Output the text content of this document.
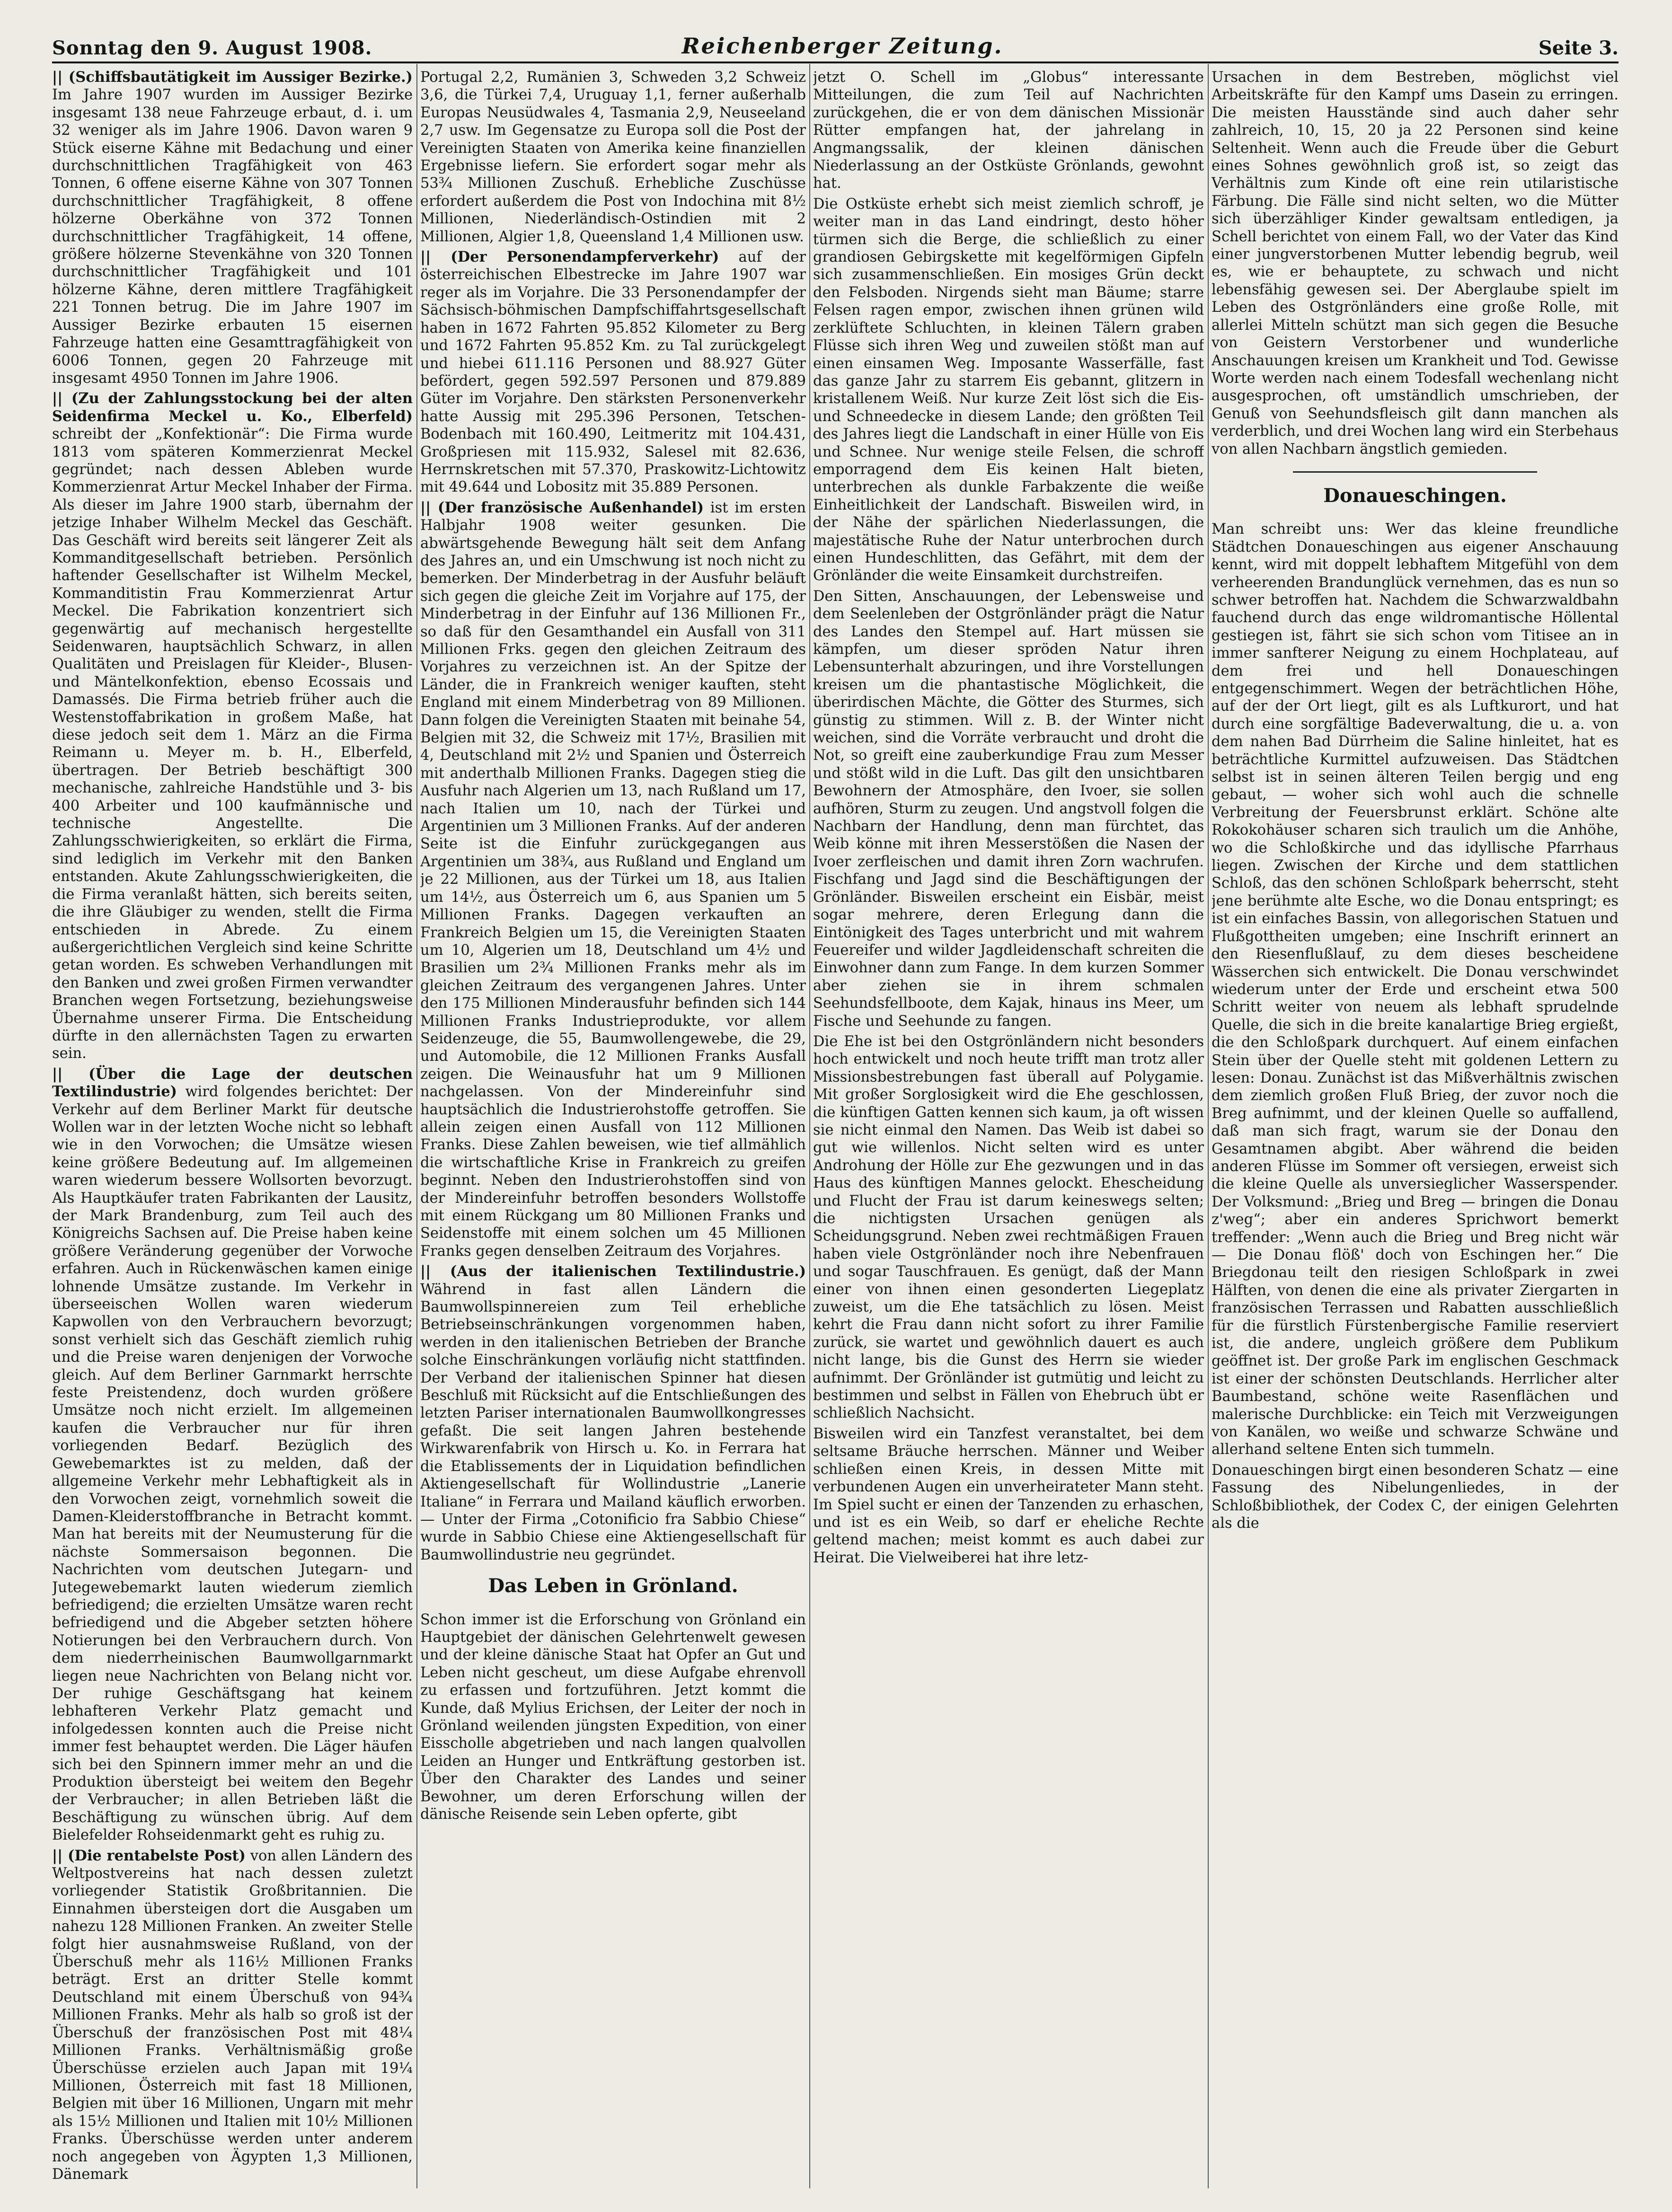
Sonntag den 9. August 1908.	Reichenberger Zeitung.	Seite 3.

|| (Schiffsbautätigkeit im Aussiger Bezirke.) Im Jahre 1907 wurden im Aussiger Bezirke insgesamt 138 neue Fahrzeuge erbaut, d. i. um 32 weniger als im Jahre 1906. Davon waren 9 Stück eiserne Kähne mit Bedachung und einer durchschnittlichen Tragfähigkeit von 463 Tonnen, 6 offene eiserne Kähne von 307 Tonnen durchschnittlicher Tragfähigkeit, 8 offene hölzerne Oberkähne von 372 Tonnen durchschnittlicher Tragfähigkeit, 14 offene, größere hölzerne Stevenkähne von 320 Tonnen durchschnittlicher Tragfähigkeit und 101 hölzerne Kähne, deren mittlere Tragfähigkeit 221 Tonnen betrug. Die im Jahre 1907 im Aussiger Bezirke erbauten 15 eisernen Fahrzeuge hatten eine Gesamttragfähigkeit von 6006 Tonnen, gegen 20 Fahrzeuge mit insgesamt 4950 Tonnen im Jahre 1906.

|| (Zu der Zahlungsstockung bei der alten Seidenfirma Meckel u. Ko., Elberfeld) schreibt der „Konfektionär“: Die Firma wurde 1813 vom späteren Kommerzienrat Meckel gegründet; nach dessen Ableben wurde Kommerzienrat Artur Meckel Inhaber der Firma. Als dieser im Jahre 1900 starb, übernahm der jetzige Inhaber Wilhelm Meckel das Geschäft. Das Geschäft wird bereits seit längerer Zeit als Kommanditgesellschaft betrieben. Persönlich haftender Gesellschafter ist Wilhelm Meckel, Kommanditistin Frau Kommerzienrat Artur Meckel. Die Fabrikation konzentriert sich gegenwärtig auf mechanisch hergestellte Seidenwaren, hauptsächlich Schwarz, in allen Qualitäten und Preislagen für Kleider-, Blusen- und Mäntelkonfektion, ebenso Ecossais und Damassés. Die Firma betrieb früher auch die Westenstoffabrikation in großem Maße, hat diese jedoch seit dem 1. März an die Firma Reimann u. Meyer m. b. H., Elberfeld, übertragen. Der Betrieb beschäftigt 300 mechanische, zahlreiche Handstühle und 3- bis 400 Arbeiter und 100 kaufmännische und technische Angestellte. Die Zahlungsschwierigkeiten, so erklärt die Firma, sind lediglich im Verkehr mit den Banken entstanden. Akute Zahlungsschwierigkeiten, die die Firma veranlaßt hätten, sich bereits seiten, die ihre Gläubiger zu wenden, stellt die Firma entschieden in Abrede. Zu einem außergerichtlichen Vergleich sind keine Schritte getan worden. Es schweben Verhandlungen mit den Banken und zwei großen Firmen verwandter Branchen wegen Fortsetzung, beziehungsweise Übernahme unserer Firma. Die Entscheidung dürfte in den allernächsten Tagen zu erwarten sein.

|| (Über die Lage der deutschen Textilindustrie) wird folgendes berichtet: Der Verkehr auf dem Berliner Markt für deutsche Wollen war in der letzten Woche nicht so lebhaft wie in den Vorwochen; die Umsätze wiesen keine größere Bedeutung auf. Im allgemeinen waren wiederum bessere Wollsorten bevorzugt. Als Hauptkäufer traten Fabrikanten der Lausitz, der Mark Brandenburg, zum Teil auch des Königreichs Sachsen auf. Die Preise haben keine größere Veränderung gegenüber der Vorwoche erfahren. Auch in Rückenwäschen kamen einige lohnende Umsätze zustande. Im Verkehr in überseeischen Wollen waren wiederum Kapwollen von den Verbrauchern bevorzugt; sonst verhielt sich das Geschäft ziemlich ruhig und die Preise waren denjenigen der Vorwoche gleich. Auf dem Berliner Garnmarkt herrschte feste Preistendenz, doch wurden größere Umsätze noch nicht erzielt. Im allgemeinen kaufen die Verbraucher nur für ihren vorliegenden Bedarf. Bezüglich des Gewebemarktes ist zu melden, daß der allgemeine Verkehr mehr Lebhaftigkeit als in den Vorwochen zeigt, vornehmlich soweit die Damen-Kleiderstoffbranche in Betracht kommt. Man hat bereits mit der Neumusterung für die nächste Sommersaison begonnen. Die Nachrichten vom deutschen Jutegarn- und Jutegewebemarkt lauten wiederum ziemlich befriedigend; die erzielten Umsätze waren recht befriedigend und die Abgeber setzten höhere Notierungen bei den Verbrauchern durch. Von dem niederrheinischen Baumwollgarnmarkt liegen neue Nachrichten von Belang nicht vor. Der ruhige Geschäftsgang hat keinem lebhafteren Verkehr Platz gemacht und infolgedessen konnten auch die Preise nicht immer fest behauptet werden. Die Läger häufen sich bei den Spinnern immer mehr an und die Produktion übersteigt bei weitem den Begehr der Verbraucher; in allen Betrieben läßt die Beschäftigung zu wünschen übrig. Auf dem Bielefelder Rohseidenmarkt geht es ruhig zu.

|| (Die rentabelste Post) von allen Ländern des Weltpostvereins hat nach dessen zuletzt vorliegender Statistik Großbritannien. Die Einnahmen übersteigen dort die Ausgaben um nahezu 128 Millionen Franken. An zweiter Stelle folgt hier ausnahmsweise Rußland, von der Überschuß mehr als 116½ Millionen Franks beträgt. Erst an dritter Stelle kommt Deutschland mit einem Überschuß von 94¾ Millionen Franks. Mehr als halb so groß ist der Überschuß der französischen Post mit 48¼ Millionen Franks. Verhältnismäßig große Überschüsse erzielen auch Japan mit 19¼ Millionen, Österreich mit fast 18 Millionen, Belgien mit über 16 Millionen, Ungarn mit mehr als 15½ Millionen und Italien mit 10½ Millionen Franks. Überschüsse werden unter anderem noch angegeben von Ägypten 1,3 Millionen, Dänemark

Portugal 2,2, Rumänien 3, Schweden 3,2 Schweiz 3,6, die Türkei 7,4, Uruguay 1,1, ferner außerhalb Europas Neusüdwales 4, Tasmania 2,9, Neuseeland 2,7 usw. Im Gegensatze zu Europa soll die Post der Vereinigten Staaten von Amerika keine finanziellen Ergebnisse liefern. Sie erfordert sogar mehr als 53¾ Millionen Zuschuß. Erhebliche Zuschüsse erfordert außerdem die Post von Indochina mit 8½ Millionen, Niederländisch-Ostindien mit 2 Millionen, Algier 1,8, Queensland 1,4 Millionen usw.

|| (Der Personendampferverkehr) auf der österreichischen Elbestrecke im Jahre 1907 war reger als im Vorjahre. Die 33 Personendampfer der Sächsisch-böhmischen Dampfschiffahrtsgesellschaft haben in 1672 Fahrten 95.852 Kilometer zu Berg und 1672 Fahrten 95.852 Km. zu Tal zurückgelegt und hiebei 611.116 Personen und 88.927 Güter befördert, gegen 592.597 Personen und 879.889 Güter im Vorjahre. Den stärksten Personenverkehr hatte Aussig mit 295.396 Personen, Tetschen-Bodenbach mit 160.490, Leitmeritz mit 104.431, Großpriesen mit 115.932, Salesel mit 82.636, Herrnskretschen mit 57.370, Praskowitz-Lichtowitz mit 49.644 und Lobositz mit 35.889 Personen.

|| (Der französische Außenhandel) ist im ersten Halbjahr 1908 weiter gesunken. Die abwärtsgehende Bewegung hält seit dem Anfang des Jahres an, und ein Umschwung ist noch nicht zu bemerken. Der Minderbetrag in der Ausfuhr beläuft sich gegen die gleiche Zeit im Vorjahre auf 175, der Minderbetrag in der Einfuhr auf 136 Millionen Fr., so daß für den Gesamthandel ein Ausfall von 311 Millionen Frks. gegen den gleichen Zeitraum des Vorjahres zu verzeichnen ist. An der Spitze der Länder, die in Frankreich weniger kauften, steht England mit einem Minderbetrag von 89 Millionen. Dann folgen die Vereinigten Staaten mit beinahe 54, Belgien mit 32, die Schweiz mit 17½, Brasilien mit 4, Deutschland mit 2½ und Spanien und Österreich mit anderthalb Millionen Franks. Dagegen stieg die Ausfuhr nach Algerien um 13, nach Rußland um 17, nach Italien um 10, nach der Türkei und Argentinien um 3 Millionen Franks. Auf der anderen Seite ist die Einfuhr zurückgegangen aus Argentinien um 38¾, aus Rußland und England um je 22 Millionen, aus der Türkei um 18, aus Italien um 14½, aus Österreich um 6, aus Spanien um 5 Millionen Franks. Dagegen verkauften an Frankreich Belgien um 15, die Vereinigten Staaten um 10, Algerien um 18, Deutschland um 4½ und Brasilien um 2¾ Millionen Franks mehr als im gleichen Zeitraum des vergangenen Jahres. Unter den 175 Millionen Minderausfuhr befinden sich 144 Millionen Franks Industrieprodukte, vor allem Seidenzeuge, die 55, Baumwollengewebe, die 29, und Automobile, die 12 Millionen Franks Ausfall zeigen. Die Weinausfuhr hat um 9 Millionen nachgelassen. Von der Mindereinfuhr sind hauptsächlich die Industrierohstoffe getroffen. Sie allein zeigen einen Ausfall von 112 Millionen Franks. Diese Zahlen beweisen, wie tief allmählich die wirtschaftliche Krise in Frankreich zu greifen beginnt. Neben den Industrierohstoffen sind von der Mindereinfuhr betroffen besonders Wollstoffe mit einem Rückgang um 80 Millionen Franks und Seidenstoffe mit einem solchen um 45 Millionen Franks gegen denselben Zeitraum des Vorjahres.

|| (Aus der italienischen Textilindustrie.) Während in fast allen Ländern die Baumwollspinnereien zum Teil erhebliche Betriebseinschränkungen vorgenommen haben, werden in den italienischen Betrieben der Branche solche Einschränkungen vorläufig nicht stattfinden. Der Verband der italienischen Spinner hat diesen Beschluß mit Rücksicht auf die Entschließungen des letzten Pariser internationalen Baumwollkongresses gefaßt. Die seit langen Jahren bestehende Wirkwarenfabrik von Hirsch u. Ko. in Ferrara hat die Etablissements der in Liquidation befindlichen Aktiengesellschaft für Wollindustrie „Lanerie Italiane“ in Ferrara und Mailand käuflich erworben. — Unter der Firma „Cotonificio fra Sabbio Chiese“ wurde in Sabbio Chiese eine Aktiengesellschaft für Baumwollindustrie neu gegründet.

Das Leben in Grönland.

Schon immer ist die Erforschung von Grönland ein Hauptgebiet der dänischen Gelehrtenwelt gewesen und der kleine dänische Staat hat Opfer an Gut und Leben nicht gescheut, um diese Aufgabe ehrenvoll zu erfassen und fortzuführen. Jetzt kommt die Kunde, daß Mylius Erichsen, der Leiter der noch in Grönland weilenden jüngsten Expedition, von einer Eisscholle abgetrieben und nach langen qualvollen Leiden an Hunger und Entkräftung gestorben ist. Über den Charakter des Landes und seiner Bewohner, um deren Erforschung willen der dänische Reisende sein Leben opferte, gibt

jetzt O. Schell im „Globus“ interessante Mitteilungen, die zum Teil auf Nachrichten zurückgehen, die er von dem dänischen Missionär Rütter empfangen hat, der jahrelang in Angmangssalik, der kleinen dänischen Niederlassung an der Ostküste Grönlands, gewohnt hat.

Die Ostküste erhebt sich meist ziemlich schroff, je weiter man in das Land eindringt, desto höher türmen sich die Berge, die schließlich zu einer grandiosen Gebirgskette mit kegelförmigen Gipfeln sich zusammenschließen. Ein mosiges Grün deckt den Felsboden. Nirgends sieht man Bäume; starre Felsen ragen empor, zwischen ihnen grünen wild zerklüftete Schluchten, in kleinen Tälern graben Flüsse sich ihren Weg und zuweilen stößt man auf einen einsamen Weg. Imposante Wasserfälle, fast das ganze Jahr zu starrem Eis gebannt, glitzern in kristallenem Weiß. Nur kurze Zeit löst sich die Eis- und Schneedecke in diesem Lande; den größten Teil des Jahres liegt die Landschaft in einer Hülle von Eis und Schnee. Nur wenige steile Felsen, die schroff emporragend dem Eis keinen Halt bieten, unterbrechen als dunkle Farbakzente die weiße Einheitlichkeit der Landschaft. Bisweilen wird, in der Nähe der spärlichen Niederlassungen, die majestätische Ruhe der Natur unterbrochen durch einen Hundeschlitten, das Gefährt, mit dem der Grönländer die weite Einsamkeit durchstreifen.

Den Sitten, Anschauungen, der Lebensweise und dem Seelenleben der Ostgrönländer prägt die Natur des Landes den Stempel auf. Hart müssen sie kämpfen, um dieser spröden Natur ihren Lebensunterhalt abzuringen, und ihre Vorstellungen kreisen um die phantastische Möglichkeit, die überirdischen Mächte, die Götter des Sturmes, sich günstig zu stimmen. Will z. B. der Winter nicht weichen, sind die Vorräte verbraucht und droht die Not, so greift eine zauberkundige Frau zum Messer und stößt wild in die Luft. Das gilt den unsichtbaren Bewohnern der Atmosphäre, den Ivoer, sie sollen aufhören, Sturm zu zeugen. Und angstvoll folgen die Nachbarn der Handlung, denn man fürchtet, das Weib könne mit ihren Messerstößen die Nasen der Ivoer zerfleischen und damit ihren Zorn wachrufen. Fischfang und Jagd sind die Beschäftigungen der Grönländer. Bisweilen erscheint ein Eisbär, meist sogar mehrere, deren Erlegung dann die Eintönigkeit des Tages unterbricht und mit wahrem Feuereifer und wilder Jagdleidenschaft schreiten die Einwohner dann zum Fange. In dem kurzen Sommer aber ziehen sie in ihrem schmalen Seehundsfellboote, dem Kajak, hinaus ins Meer, um Fische und Seehunde zu fangen.

Die Ehe ist bei den Ostgrönländern nicht besonders hoch entwickelt und noch heute trifft man trotz aller Missionsbestrebungen fast überall auf Polygamie. Mit großer Sorglosigkeit wird die Ehe geschlossen, die künftigen Gatten kennen sich kaum, ja oft wissen sie nicht einmal den Namen. Das Weib ist dabei so gut wie willenlos. Nicht selten wird es unter Androhung der Hölle zur Ehe gezwungen und in das Haus des künftigen Mannes gelockt. Ehescheidung und Flucht der Frau ist darum keineswegs selten; die nichtigsten Ursachen genügen als Scheidungsgrund. Neben zwei rechtmäßigen Frauen haben viele Ostgrönländer noch ihre Nebenfrauen und sogar Tauschfrauen. Es genügt, daß der Mann einer von ihnen einen gesonderten Liegeplatz zuweist, um die Ehe tatsächlich zu lösen. Meist kehrt die Frau dann nicht sofort zu ihrer Familie zurück, sie wartet und gewöhnlich dauert es auch nicht lange, bis die Gunst des Herrn sie wieder aufnimmt. Der Grönländer ist gutmütig und leicht zu bestimmen und selbst in Fällen von Ehebruch übt er schließlich Nachsicht.

Bisweilen wird ein Tanzfest veranstaltet, bei dem seltsame Bräuche herrschen. Männer und Weiber schließen einen Kreis, in dessen Mitte mit verbundenen Augen ein unverheirateter Mann steht. Im Spiel sucht er einen der Tanzenden zu erhaschen, und ist es ein Weib, so darf er eheliche Rechte geltend machen; meist kommt es auch dabei zur Heirat. Die Vielweiberei hat ihre letz-

Ursachen in dem Bestreben, möglichst viel Arbeitskräfte für den Kampf ums Dasein zu erringen. Die meisten Hausstände sind auch daher sehr zahlreich, 10, 15, 20 ja 22 Personen sind keine Seltenheit. Wenn auch die Freude über die Geburt eines Sohnes gewöhnlich groß ist, so zeigt das Verhältnis zum Kinde oft eine rein utilaristische Färbung. Die Fälle sind nicht selten, wo die Mütter sich überzähliger Kinder gewaltsam entledigen, ja Schell berichtet von einem Fall, wo der Vater das Kind einer jungverstorbenen Mutter lebendig begrub, weil es, wie er behauptete, zu schwach und nicht lebensfähig gewesen sei. Der Aberglaube spielt im Leben des Ostgrönländers eine große Rolle, mit allerlei Mitteln schützt man sich gegen die Besuche von Geistern Verstorbener und wunderliche Anschauungen kreisen um Krankheit und Tod. Gewisse Worte werden nach einem Todesfall wechenlang nicht ausgesprochen, oft umständlich umschrieben, der Genuß von Seehundsfleisch gilt dann manchen als verderblich, und drei Wochen lang wird ein Sterbehaus von allen Nachbarn ängstlich gemieden.

Donaueschingen.

Man schreibt uns: Wer das kleine freundliche Städtchen Donaueschingen aus eigener Anschauung kennt, wird mit doppelt lebhaftem Mitgefühl von dem verheerenden Brandunglück vernehmen, das es nun so schwer betroffen hat. Nachdem die Schwarzwaldbahn fauchend durch das enge wildromantische Höllental gestiegen ist, fährt sie sich schon vom Titisee an in immer sanfterer Neigung zu einem Hochplateau, auf dem frei und hell Donaueschingen entgegenschimmert. Wegen der beträchtlichen Höhe, auf der der Ort liegt, gilt es als Luftkurort, und hat durch eine sorgfältige Badeverwaltung, die u. a. von dem nahen Bad Dürrheim die Saline hinleitet, hat es beträchtliche Kurmittel aufzuweisen. Das Städtchen selbst ist in seinen älteren Teilen bergig und eng gebaut, — woher sich wohl auch die schnelle Verbreitung der Feuersbrunst erklärt. Schöne alte Rokokohäuser scharen sich traulich um die Anhöhe, wo die Schloßkirche und das idyllische Pfarrhaus liegen. Zwischen der Kirche und dem stattlichen Schloß, das den schönen Schloßpark beherrscht, steht jene berühmte alte Esche, wo die Donau entspringt; es ist ein einfaches Bassin, von allegorischen Statuen und Flußgottheiten umgeben; eine Inschrift erinnert an den Riesenflußlauf, zu dem dieses bescheidene Wässerchen sich entwickelt. Die Donau verschwindet wiederum unter der Erde und erscheint etwa 500 Schritt weiter von neuem als lebhaft sprudelnde Quelle, die sich in die breite kanalartige Brieg ergießt, die den Schloßpark durchquert. Auf einem einfachen Stein über der Quelle steht mit goldenen Lettern zu lesen: Donau. Zunächst ist das Mißverhältnis zwischen dem ziemlich großen Fluß Brieg, der zuvor noch die Breg aufnimmt, und der kleinen Quelle so auffallend, daß man sich fragt, warum sie der Donau den Gesamtnamen abgibt. Aber während die beiden anderen Flüsse im Sommer oft versiegen, erweist sich die kleine Quelle als unversieglicher Wasserspender. Der Volksmund: „Brieg und Breg — bringen die Donau z'weg“; aber ein anderes Sprichwort bemerkt treffender: „Wenn auch die Brieg und Breg nicht wär — Die Donau flöß' doch von Eschingen her.“ Die Briegdonau teilt den riesigen Schloßpark in zwei Hälften, von denen die eine als privater Ziergarten in französischen Terrassen und Rabatten ausschließlich für die fürstlich Fürstenbergische Familie reserviert ist, die andere, ungleich größere dem Publikum geöffnet ist. Der große Park im englischen Geschmack ist einer der schönsten Deutschlands. Herrlicher alter Baumbestand, schöne weite Rasenflächen und malerische Durchblicke: ein Teich mit Verzweigungen von Kanälen, wo weiße und schwarze Schwäne und allerhand seltene Enten sich tummeln.

Donaueschingen birgt einen besonderen Schatz — eine Fassung des Nibelungenliedes, in der Schloßbibliothek, der Codex C, der einigen Gelehrten als die
